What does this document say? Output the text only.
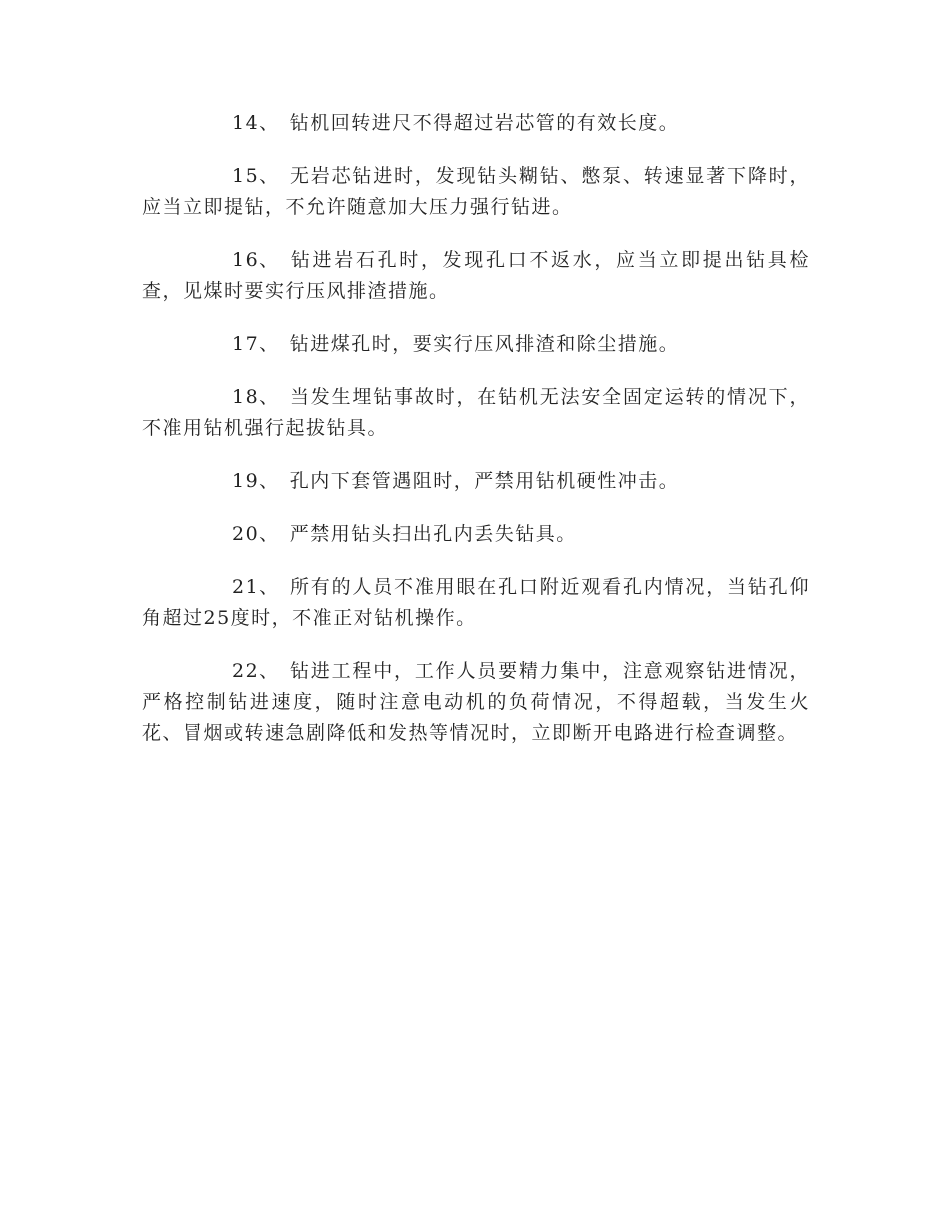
14、 钻机回转进尺不得超过岩芯管的有效长度。

15、 无岩芯钻进时，发现钻头糊钻、憋泵、转速显著下降时，应当立即提钻，不允许随意加大压力强行钻进。

16、 钻进岩石孔时，发现孔口不返水，应当立即提出钻具检查，见煤时要实行压风排渣措施。

17、 钻进煤孔时，要实行压风排渣和除尘措施。

18、 当发生埋钻事故时，在钻机无法安全固定运转的情况下，不准用钻机强行起拔钻具。

19、 孔内下套管遇阻时，严禁用钻机硬性冲击。

20、 严禁用钻头扫出孔内丢失钻具。

21、 所有的人员不准用眼在孔口附近观看孔内情况，当钻孔仰角超过25度时，不准正对钻机操作。

22、 钻进工程中，工作人员要精力集中，注意观察钻进情况，严格控制钻进速度，随时注意电动机的负荷情况，不得超载，当发生火花、冒烟或转速急剧降低和发热等情况时，立即断开电路进行检查调整。
